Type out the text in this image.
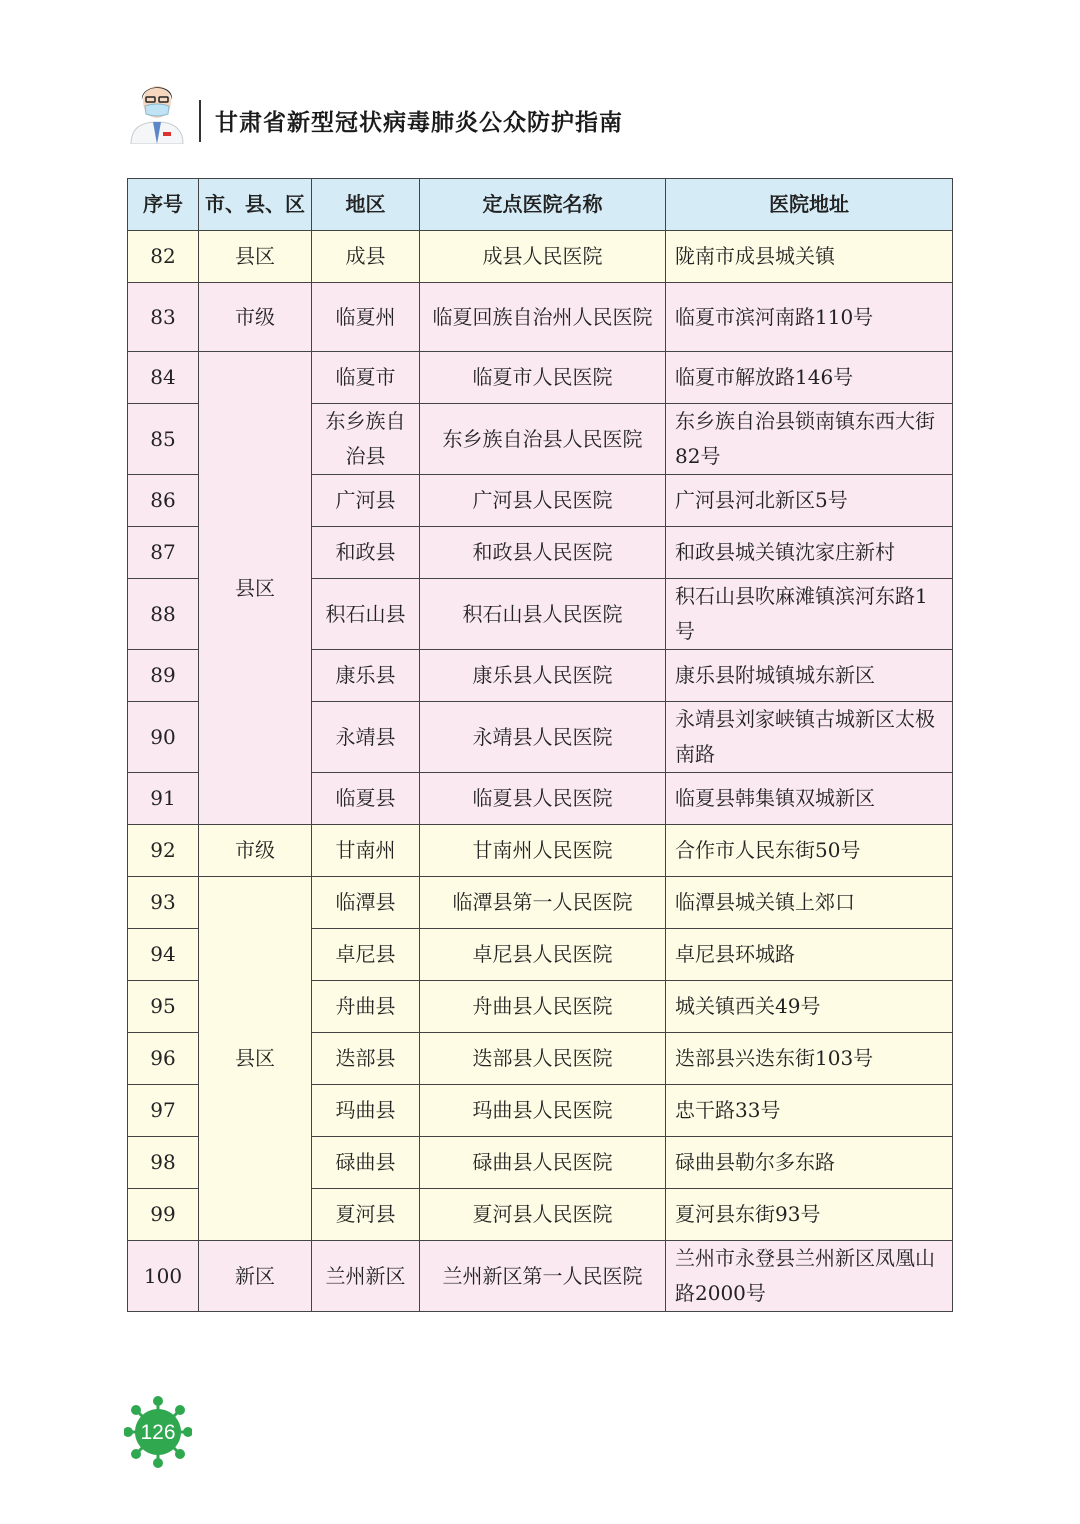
甘肃省新型冠状病毒肺炎公众防护指南
序号	市、县、区	地区	定点医院名称	医院地址
82	县区	成县	成县人民医院	陇南市成县城关镇
83	市级	临夏州	临夏回族自治州人民医院	临夏市滨河南路110号
84	县区	临夏市	临夏市人民医院	临夏市解放路146号
85		东乡族自治县	东乡族自治县人民医院	东乡族自治县锁南镇东西大街82号
86		广河县	广河县人民医院	广河县河北新区5号
87		和政县	和政县人民医院	和政县城关镇沈家庄新村
88		积石山县	积石山县人民医院	积石山县吹麻滩镇滨河东路1号
89		康乐县	康乐县人民医院	康乐县附城镇城东新区
90		永靖县	永靖县人民医院	永靖县刘家峡镇古城新区太极南路
91		临夏县	临夏县人民医院	临夏县韩集镇双城新区
92	市级	甘南州	甘南州人民医院	合作市人民东街50号
93	县区	临潭县	临潭县第一人民医院	临潭县城关镇上郊口
94		卓尼县	卓尼县人民医院	卓尼县环城路
95		舟曲县	舟曲县人民医院	城关镇西关49号
96		迭部县	迭部县人民医院	迭部县兴迭东街103号
97		玛曲县	玛曲县人民医院	忠干路33号
98		碌曲县	碌曲县人民医院	碌曲县勒尔多东路
99		夏河县	夏河县人民医院	夏河县东街93号
100	新区	兰州新区	兰州新区第一人民医院	兰州市永登县兰州新区凤凰山路2000号
126
